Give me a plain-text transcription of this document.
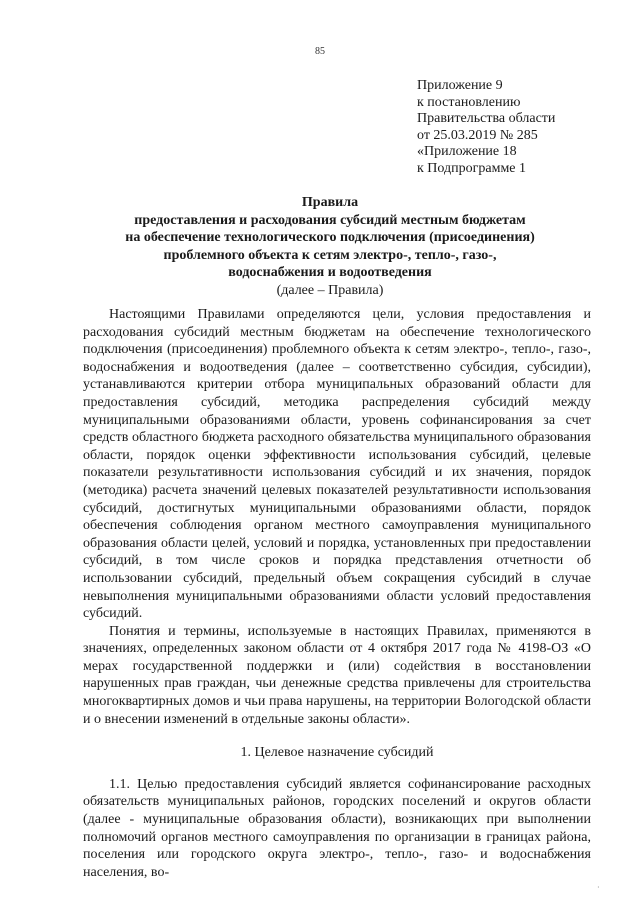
85
Приложение 9
к постановлению
Правительства области
от 25.03.2019 № 285
«Приложение 18
к Подпрограмме 1
Правила
предоставления и расходования субсидий местным бюджетам
на обеспечение технологического подключения (присоединения)
проблемного объекта к сетям электро-, тепло-, газо-,
водоснабжения и водоотведения
(далее – Правила)

Настоящими Правилами определяются цели, условия предоставления и расходования субсидий местным бюджетам на обеспечение технологического подключения (присоединения) проблемного объекта к сетям электро-, тепло-, газо-, водоснабжения и водоотведения (далее – соответственно субсидия, субсидии), устанавливаются критерии отбора муниципальных образований области для предоставления субсидий, методика распределения субсидий между муниципальными образованиями области, уровень софинансирования за счет средств областного бюджета расходного обязательства муниципального образования области, порядок оценки эффективности использования субсидий, целевые показатели результативности использования субсидий и их значения, порядок (методика) расчета значений целевых показателей результативности использования субсидий, достигнутых муниципальными образованиями области, порядок обеспечения соблюдения органом местного самоуправления муниципального образования области целей, условий и порядка, установленных при предоставлении субсидий, в том числе сроков и порядка представления отчетности об использовании субсидий, предельный объем сокращения субсидий в случае невыполнения муниципальными образованиями области условий предоставления субсидий.

Понятия и термины, используемые в настоящих Правилах, применяются в значениях, определенных законом области от 4 октября 2017 года № 4198-ОЗ «О мерах государственной поддержки и (или) содействия в восстановлении нарушенных прав граждан, чьи денежные средства привлечены для строительства многоквартирных домов и чьи права нарушены, на территории Вологодской области и о внесении изменений в отдельные законы области».

1. Целевое назначение субсидий

1.1. Целью предоставления субсидий является софинансирование расходных обязательств муниципальных районов, городских поселений и округов области (далее - муниципальные образования области), возникающих при выполнении полномочий органов местного самоуправления по организации в границах района, поселения или городского округа электро-, тепло-, газо- и водоснабжения населения, во-

·
